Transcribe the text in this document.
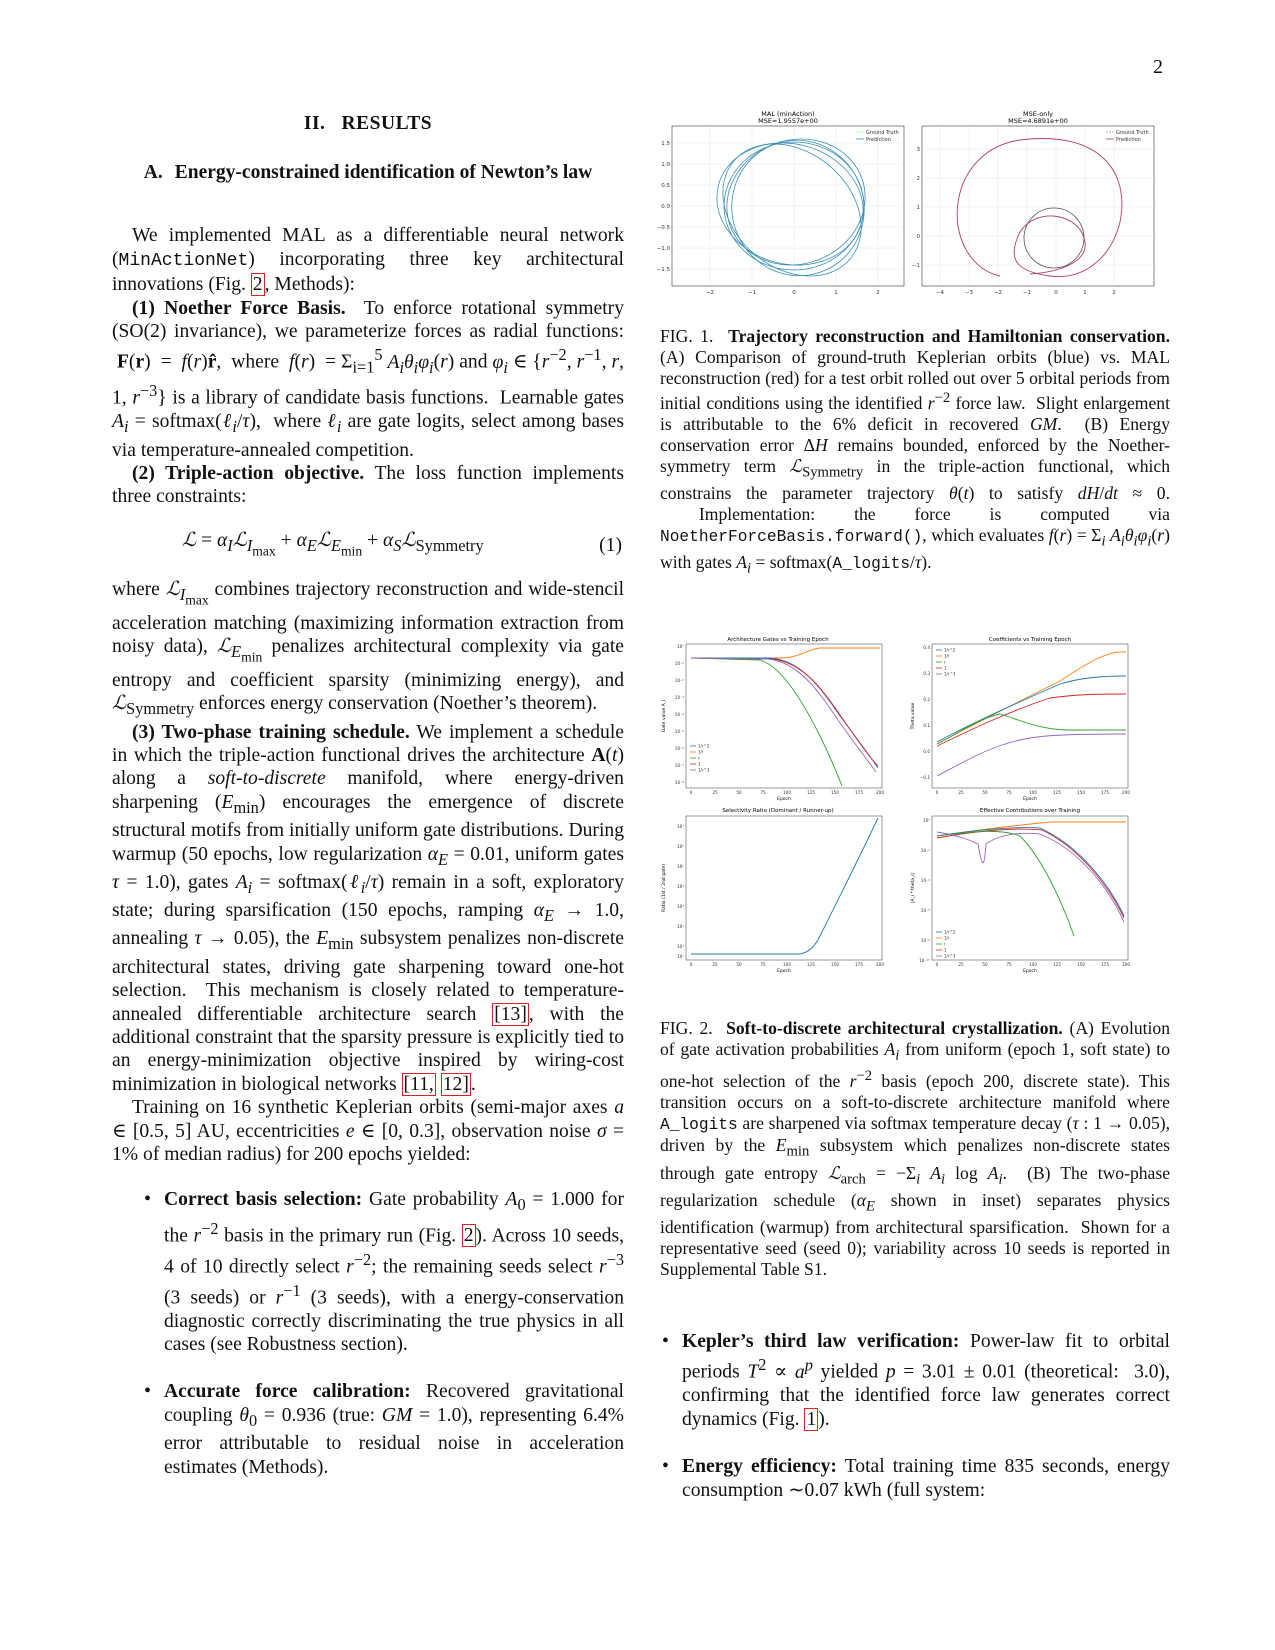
2
II. RESULTS
A. Energy-constrained identification of Newton’s law

We implemented MAL as a differentiable neural network (MinActionNet) incorporating three key architectural innovations (Fig. 2 , Methods):

(1) Noether Force Basis.  To enforce rotational symmetry (SO(2) invariance), we parameterize forces as radial functions:  F(r)  =  f(r)r̂,  where  $f(r) = \Sigma_{i=1}^5$ $A_i\theta_i\varphi_i(r)$ and $\varphi_i$ ∈ {$r^{-2}$, $r^{-1}$, r, 1, $r^{-3}$} is a library of candidate basis functions.  Learnable gates $A_i$ = softmax(ℓ$_i$/τ),  where ℓ$_i$ are gate logits, select among bases via temperature-annealed competition.

(2) Triple-action objective. The loss function implements three constraints:

ℒ = $\alpha_Iℒ_{I_{max}}$ + $\alpha_Eℒ_{E_{min}}$ + $\alpha_Sℒ_{Symmetry}$	(1)

where ℒ$_{I_{max}}$ combines trajectory reconstruction and wide-stencil acceleration matching (maximizing information extraction from noisy data), ℒ$_{E_{min}}$ penalizes architectural complexity via gate entropy and coefficient sparsity (minimizing energy), and ℒ$_{Symmetry}$ enforces energy conservation (Noether’s theorem).

(3) Two-phase training schedule. We implement a schedule in which the triple-action functional drives the architecture A(t) along a soft-to-discrete manifold, where energy-driven sharpening $(E_{min})$ encourages the emergence of discrete structural motifs from initially uniform gate distributions. During warmup (50 epochs, low regularization $\alpha_E = 0.01$, uniform gates τ = 1.0), gates $A_i$ = softmax(ℓ$_i$/τ) remain in a soft, exploratory state; during sparsification (150 epochs, ramping $\alpha_E \to 1.0$, annealing τ → 0.05), the $E_{min}$ subsystem penalizes non-discrete architectural states, driving gate sharpening toward one-hot selection.  This mechanism is closely related to temperature-annealed differentiable architecture search [13] , with the additional constraint that the sparsity pressure is explicitly tied to an energy-minimization objective inspired by wiring-cost minimization in biological networks [11, 12] .

Training on 16 synthetic Keplerian orbits (semi-major axes a ∈ [0.5, 5] AU, eccentricities e ∈ [0, 0.3], observation noise σ = 1% of median radius) for 200 epochs yielded:

• Correct basis selection: Gate probability $A_0 = 1.000$ for the $r^{-2}$ basis in the primary run (Fig. 2 ). Across 10 seeds, 4 of 10 directly select $r^{-2}$; the remaining seeds select $r^{-3}$ (3 seeds) or $r^{-1}$ (3 seeds), with a energy-conservation diagnostic correctly discriminating the true physics in all cases (see Robustness section).

• Accurate force calibration: Recovered gravitational coupling $\theta_0 = 0.936$ (true: GM = 1.0), representing 6.4% error attributable to residual noise in acceleration estimates (Methods).

MAL (minAction)
MSE=1.9557e+00
1.5
1.0
0.5
0.0
−0.5
−1.0
−1.5
−2	−1	0	1	2
Ground Truth
Prediction
MSE-only
MSE=4.6891e+00
3
2
1
0
−1
−4	−3	−2	−1	0	1	2
Ground Truth
Prediction
FIG. 1. Trajectory reconstruction and Hamiltonian conservation. (A) Comparison of ground-truth Keplerian orbits (blue) vs. MAL reconstruction (red) for a test orbit rolled out over 5 orbital periods from initial conditions using the identified $r^{-2}$ force law.  Slight enlargement is attributable to the 6% deficit in recovered GM.  (B) Energy conservation error ΔH remains bounded, enforced by the Noether-symmetry term ℒ$_{Symmetry}$ in the triple-action functional, which constrains the parameter trajectory θ(t) to satisfy dH/dt ≈ 0.  Implementation: the force is computed via NoetherForceBasis.forward(), which evaluates $f(r) = \Sigma_i$ $A_i\theta_i\varphi_i(r)$ with gates $A_i$ = softmax(A_logits/τ).
Architecture Gates vs Training Epoch
Gate value A_i
10⁰
10⁻¹
10⁻²
10⁻³
10⁻⁴
10⁻⁵
10⁻⁶
10⁻⁷
10⁻⁸
0	25	50	75	100	125	150	175	200
Epoch
1/r^2
1/r
r
1
1/r^3
Coefficients vs Training Epoch
Theta value
0.4
0.3
0.2
0.1
0.0
−0.1
0	25	50	75	100	125	150	175	200
Epoch
1/r^2
1/r
r
1
1/r^3
Selectivity Ratio (Dominant / Runner-up)
Ratio (1st / 2nd gate)
10⁷
10⁶
10⁵
10⁴
10³
10²
10¹
10⁰
0	25	50	75	100	125	150	175	200
Epoch
Effective Contributions over Training
|A_i * theta_i|
10⁰
10⁻²
10⁻⁴
10⁻⁶
10⁻⁸
10⁻¹⁰
0	25	50	75	100	125	150	175	200
Epoch
1/r^2
1/r
r
1
1/r^3
FIG. 2. Soft-to-discrete architectural crystallization. (A) Evolution of gate activation probabilities $A_i$ from uniform (epoch 1, soft state) to one-hot selection of the $r^{-2}$ basis (epoch 200, discrete state). This transition occurs on a soft-to-discrete architecture manifold where A_logits are sharpened via softmax temperature decay (τ : 1 → 0.05), driven by the $E_{min}$ subsystem which penalizes non-discrete states through gate entropy ℒ$_{arch}$ = $-\Sigma_i$ $A_i$ $\log A_i$.  (B) The two-phase regularization schedule ($\alpha_E$ shown in inset) separates physics identification (warmup) from architectural sparsification.  Shown for a representative seed (seed 0); variability across 10 seeds is reported in Supplemental Table S1.

• Kepler’s third law verification: Power-law fit to orbital periods $T^2 \propto a^p$ yielded p = 3.01 ± 0.01 (theoretical:  3.0), confirming that the identified force law generates correct dynamics (Fig. 1 ).

• Energy efficiency: Total training time 835 seconds, energy consumption ∼0.07 kWh (full system:
